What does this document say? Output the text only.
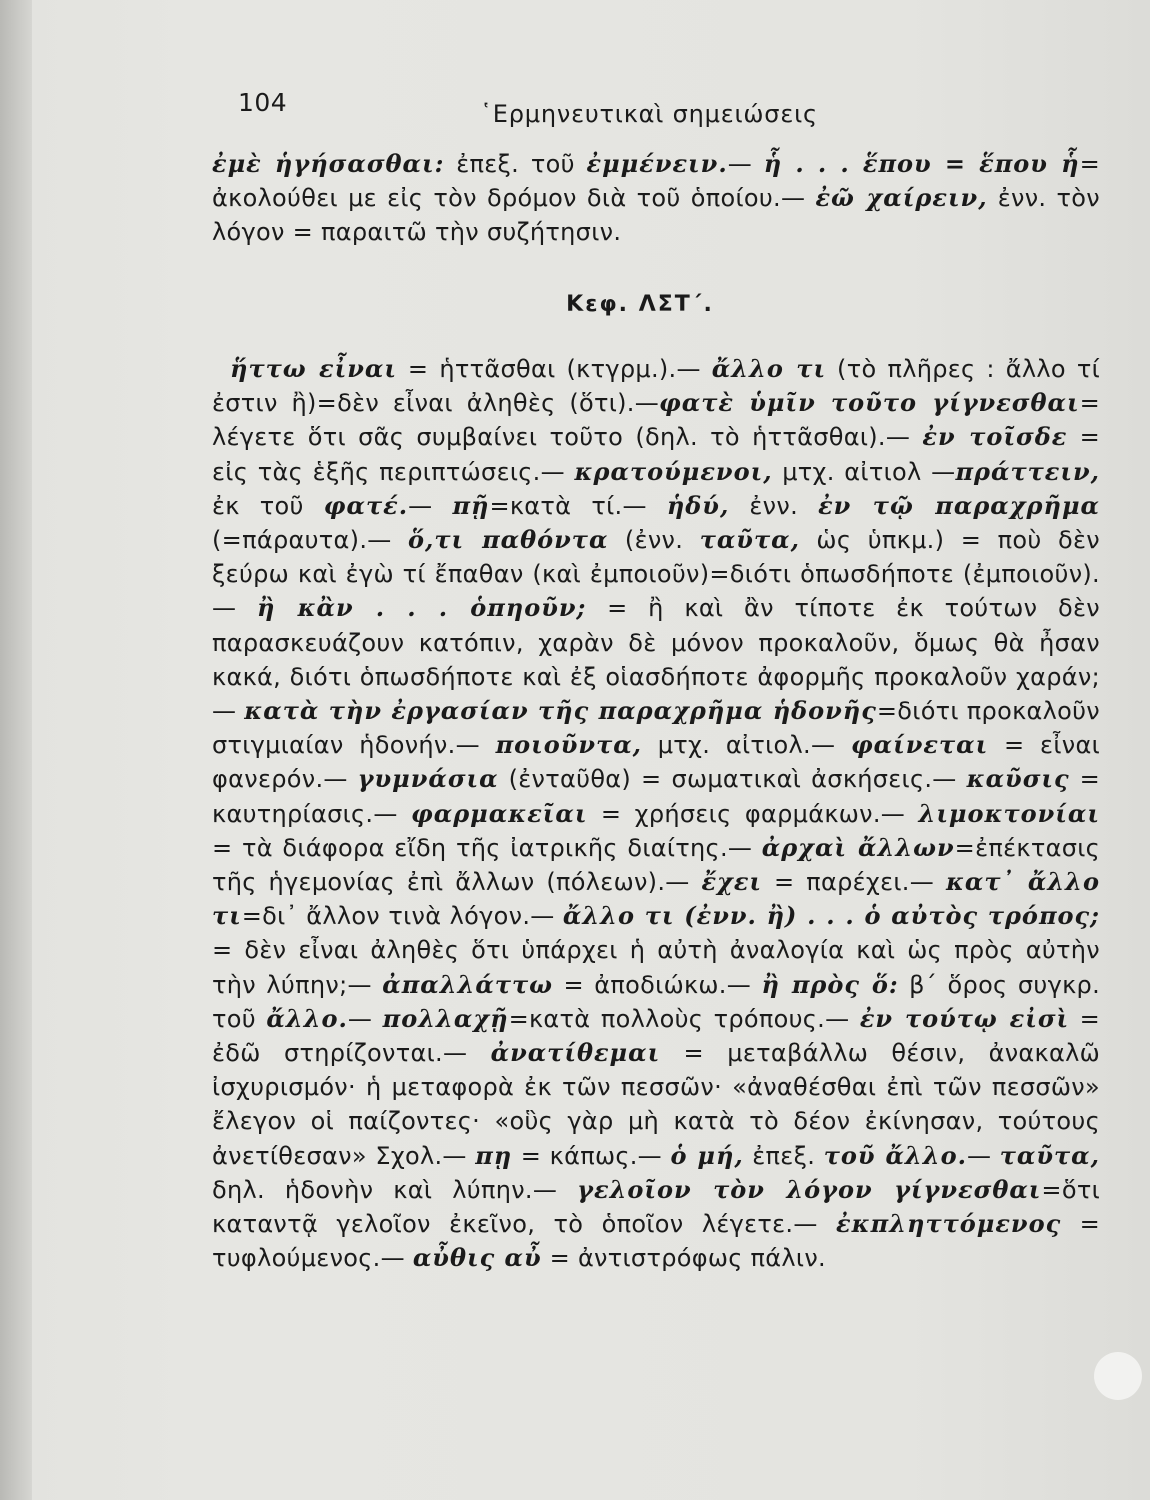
104	῾Ερμηνευτικαὶ σημειώσεις
ἐμὲ ἡγήσασθαι: ἐπεξ. τοῦ ἐμμένειν.— ἧ . . . ἕπου = ἕπου ἧ= ἀκολούθει με εἰς τὸν δρόμον διὰ τοῦ ὁποίου.— ἐῶ χαίρειν, ἐνν. τὸν λόγον = παραιτῶ τὴν συζήτησιν.
Κεφ. ΛΣΤ΄.
ἥττω εἶναι = ἡττᾶσθαι (κτγρμ.).— ἄλλο τι (τὸ πλῆρες : ἄλλο τί ἐστιν ἢ)=δὲν εἶναι ἀληθὲς (ὅτι).—φατὲ ὑμῖν τοῦτο γίγνεσθαι= λέγετε ὅτι σᾶς συμβαίνει τοῦτο (δηλ. τὸ ἡττᾶσθαι).— ἐν τοῖσδε = εἰς τὰς ἑξῆς περιπτώσεις.— κρατούμενοι, μτχ. αἰτιολ —πράττειν, ἐκ τοῦ φατέ.— πῇ=κατὰ τί.— ἡδύ, ἐνν. ἐν τῷ παραχρῆμα (=πάραυτα).— ὅ,τι παθόντα (ἐνν. ταῦτα, ὡς ὑπκμ.) = ποὺ δὲν ξεύρω καὶ ἐγὼ τί ἔπαθαν (καὶ ἐμποιοῦν)=διότι ὁπωσδήποτε (ἐμποιοῦν).— ἢ κἂν . . . ὁπηοῦν; = ἢ καὶ ἂν τίποτε ἐκ τούτων δὲν παρασκευάζουν κατόπιν, χαρὰν δὲ μόνον προκαλοῦν, ὅμως θὰ ἦσαν κακά, διότι ὁπωσδήποτε καὶ ἐξ οἱασδήποτε ἀφορμῆς προκαλοῦν χαράν; — κατὰ τὴν ἐργασίαν τῆς παραχρῆμα ἡδονῆς=διότι προκαλοῦν στιγμιαίαν ἡδονήν.— ποιοῦντα, μτχ. αἰτιολ.— φαίνεται = εἶναι φανερόν.— γυμνάσια (ἐνταῦθα) = σωματικαὶ ἀσκήσεις.— καῦσις = καυτηρίασις.— φαρμακεῖαι = χρήσεις φαρμάκων.— λιμοκτονίαι = τὰ διάφορα εἴδη τῆς ἰατρικῆς διαίτης.— ἀρχαὶ ἄλλων=ἐπέκτασις τῆς ἡγεμονίας ἐπὶ ἄλλων (πόλεων).— ἔχει = παρέχει.— κατ᾿ ἄλλο τι=δι᾿ ἄλλον τινὰ λόγον.— ἄλλο τι (ἐνν. ἢ) . . . ὁ αὐτὸς τρόπος; = δὲν εἶναι ἀληθὲς ὅτι ὑπάρχει ἡ αὐτὴ ἀναλογία καὶ ὡς πρὸς αὐτὴν τὴν λύπην;— ἀπαλλάττω = ἀποδιώκω.— ἢ πρὸς ὅ: β΄ ὅρος συγκρ. τοῦ ἄλλο.— πολλαχῇ=κατὰ πολλοὺς τρόπους.— ἐν τούτῳ εἰσὶ = ἐδῶ στηρίζονται.— ἀνατίθεμαι = μεταβάλλω θέσιν, ἀνακαλῶ ἰσχυρισμόν· ἡ μεταφορὰ ἐκ τῶν πεσσῶν· «ἀναθέσθαι ἐπὶ τῶν πεσσῶν» ἔλεγον οἱ παίζοντες· «οὓς γὰρ μὴ κατὰ τὸ δέον ἐκίνησαν, τούτους ἀνετίθεσαν» Σχολ.— πῃ = κάπως.— ὁ μή, ἐπεξ. τοῦ ἄλλο.— ταῦτα, δηλ. ἡδονὴν καὶ λύπην.— γελοῖον τὸν λόγον γίγνεσθαι=ὅτι καταντᾷ γελοῖον ἐκεῖνο, τὸ ὁποῖον λέγετε.— ἐκπληττόμενος = τυφλούμενος.— αὖθις αὖ = ἀντιστρόφως πάλιν.
